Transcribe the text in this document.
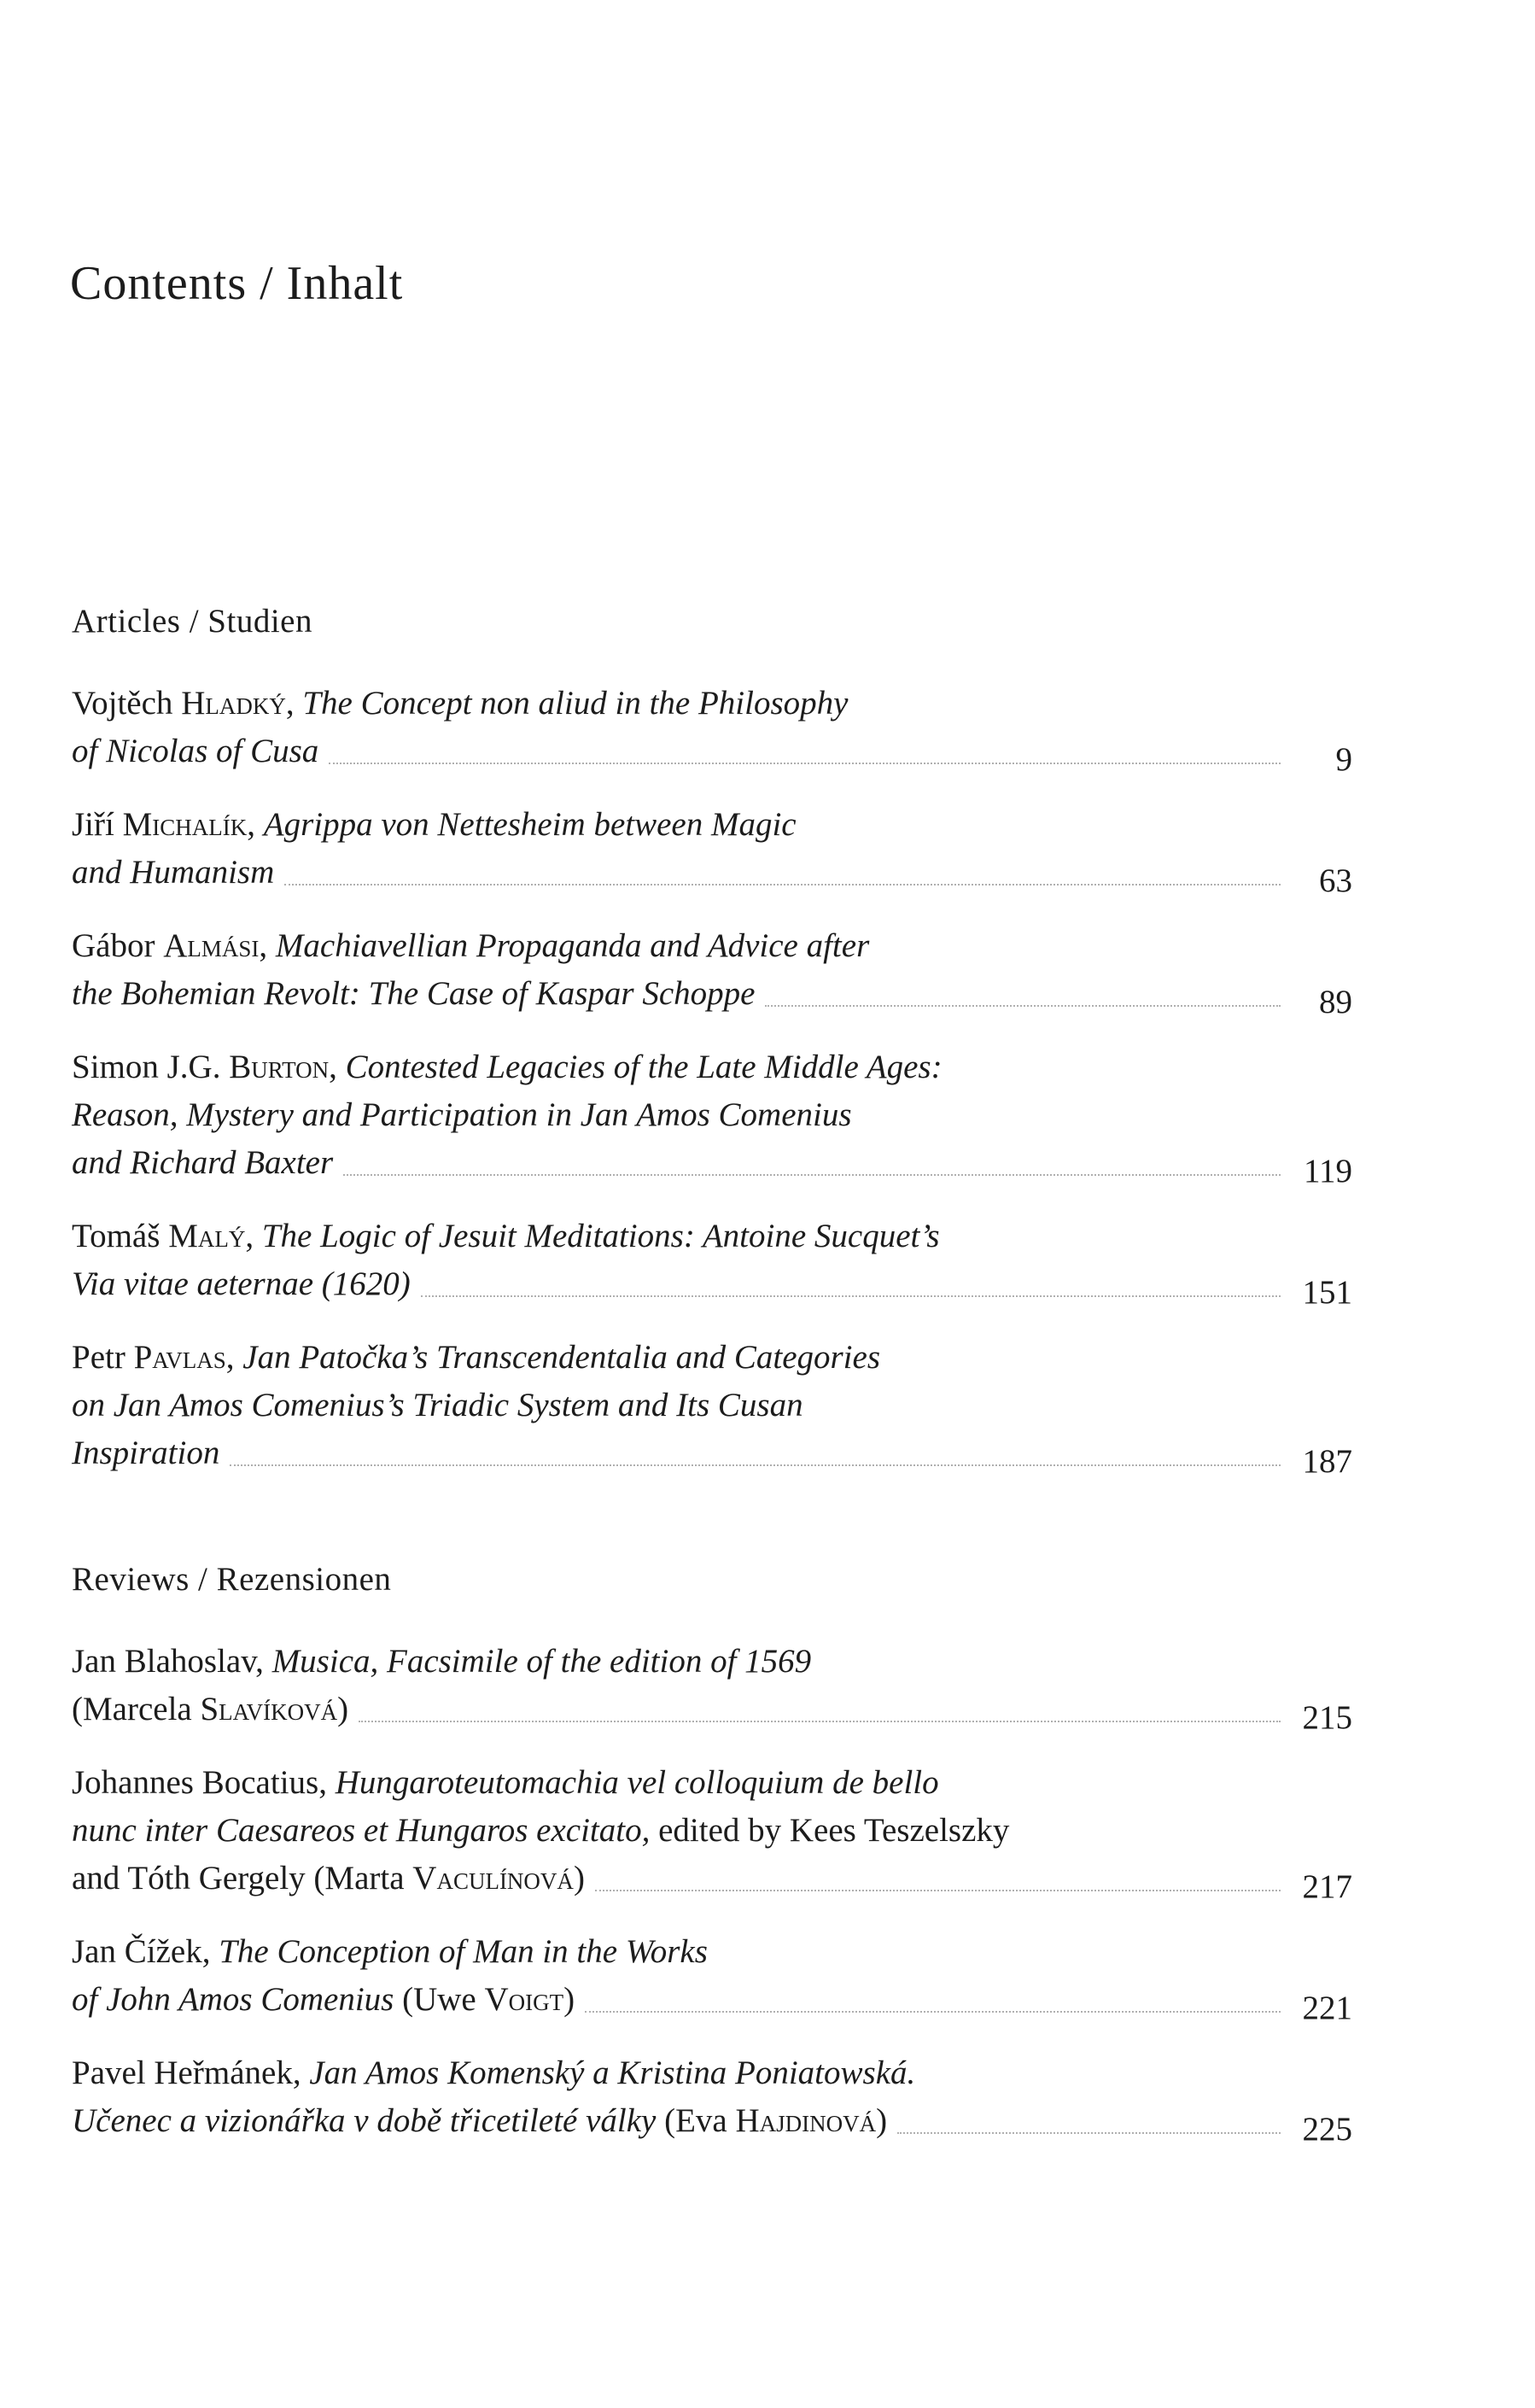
Contents / Inhalt
Articles / Studien
Vojtěch Hladký , The Concept non aliud in the Philosophy
of Nicolas of Cusa	9
Jiří Michalík , Agrippa von Nettesheim between Magic
and Humanism	63
Gábor Almási , Machiavellian Propaganda and Advice after
the Bohemian Revolt: The Case of Kaspar Schoppe	89
Simon J.G. Burton , Contested Legacies of the Late Middle Ages:
Reason, Mystery and Participation in Jan Amos Comenius
and Richard Baxter	119
Tomáš Malý , The Logic of Jesuit Meditations: Antoine Sucquet’s
Via vitae aeternae (1620)	151
Petr Pavlas , Jan Patočka’s Transcendentalia and Categories
on Jan Amos Comenius’s Triadic System and Its Cusan
Inspiration	187
Reviews / Rezensionen
Jan Blahoslav, Musica, Facsimile of the edition of 1569
(Marcela Slavíková )	215
Johannes Bocatius, Hungaroteutomachia vel colloquium de bello
nunc inter Caesareos et Hungaros excitato, edited by Kees Teszelszky
and Tóth Gergely (Marta Vaculínová )	217
Jan Čížek, The Conception of Man in the Works
of John Amos Comenius (Uwe Voigt )	221
Pavel Heřmánek, Jan Amos Komenský a Kristina Poniatowská.
Učenec a vizionářka v době třicetileté války (Eva Hajdinová )	225
